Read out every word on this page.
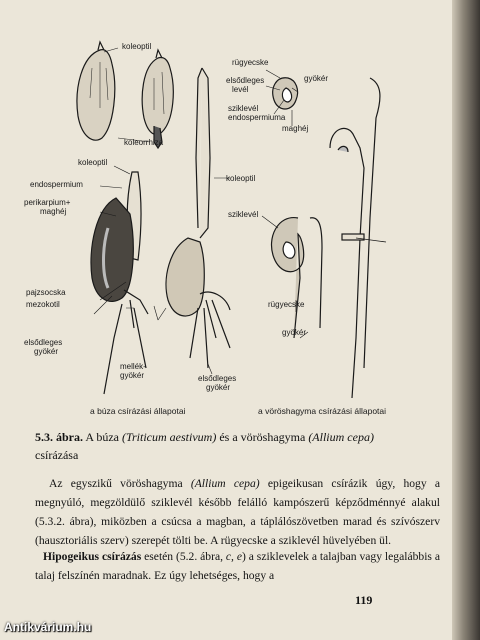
koleoptil
koleorrhiza
koleoptil
endospermium
perikarpium+
maghéj
koleoptil
pajzsocska
mezokotil
elsődleges
gyökér
mellék-
gyökér	elsődleges
gyökér
rügyecske
elsődleges
levél
gyökér
sziklevél
endospermiuma
maghéj
sziklevél
rügyecske
gyökér
a búza csírázási állapotai	a vöröshagyma csírázási állapotai
5.3. ábra. A búza (Triticum aestivum) és a vöröshagyma (Allium cepa)
csírázása
Az egyszikű vöröshagyma (Allium cepa) epigeikusan csírázik úgy, hogy a megnyúló, megzöldülő sziklevél később felálló kampószerű képződménnyé alakul (5.3.2. ábra), miközben a csúcsa a magban, a táplálószövetben marad és szívószerv (hausztoriális szerv) szerepét tölti be. A rügyecske a sziklevél hüvelyében ül.
Hipogeikus csírázás esetén (5.2. ábra, c, e) a sziklevelek a talajban vagy legalábbis a talaj felszínén maradnak. Ez úgy lehetséges, hogy a
119
Antikvárium.hu
